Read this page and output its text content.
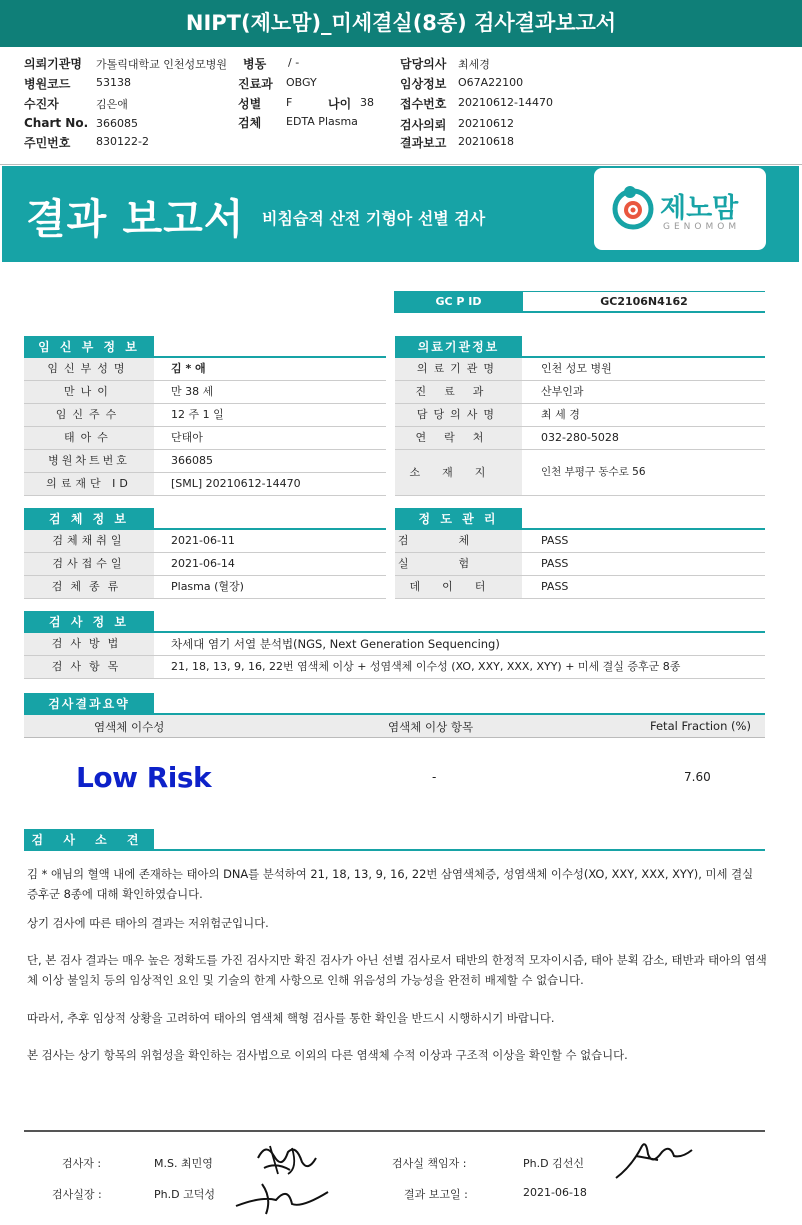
NIPT(제노맘)_미세결실(8종) 검사결과보고서
의뢰기관명 가톨릭대학교 인천성모병원 병동 / -	담당의사 최세경
병원코드 53138	진료과 OBGY	임상정보 O67A22100
수진자	김은애	성별 F	나이 38 접수번호 20210612-14470
Chart No. 366085	검체 EDTA Plasma	검사의뢰 20210612
주민번호 830122-2	결과보고 20210618
결과 보고서 비침습적 산전 기형아 선별 검사	제노맘
GENOMOM
GC P ID	GC2106N4162
임 신 부 정 보
임신부성명	김 * 애
만나이	만 38 세
임신주수	12 주 1 일
태아수	단태아
병원차트번호	366085
의료재단 ID	[SML] 20210612-14470
의료기관정보
의료기관명	인천 성모 병원
진료과	산부인과
담당의사명	최 세 경
연락처	032-280-5028
소재지	인천 부평구 동수로 56
검 체 정 보
검체채취일	2021-06-11
검사접수일	2021-06-14
검체종류	Plasma (혈장)
정 도 관 리
검체 PASS
실험 PASS
데이터	PASS
검 사 정 보
검사방법	차세대 염기 서열 분석법(NGS, Next Generation Sequencing)
검사항목	21, 18, 13, 9, 16, 22번 염색체 이상 + 성염색체 이수성 (XO, XXY, XXX, XYY) + 미세 결실 증후군 8종
검사결과요약
염색체 이수성	염색체 이상 항목	Fetal Fraction (%)
Low Risk	-	7.60
검 사 소 견
김 * 애님의 혈액 내에 존재하는 태아의 DNA를 분석하여 21, 18, 13, 9, 16, 22번 삼염색체증, 성염색체 이수성(XO, XXY, XXX, XYY), 미세 결실 증후군 8종에 대해 확인하였습니다.
상기 검사에 따른 태아의 결과는 저위험군입니다.
단, 본 검사 결과는 매우 높은 정확도를 가진 검사지만 확진 검사가 아닌 선별 검사로서 태반의 한정적 모자이시즘, 태아 분획 감소, 태반과 태아의 염색체 이상 불일치 등의 임상적인 요인 및 기술의 한계 사항으로 인해 위음성의 가능성을 완전히 배제할 수 없습니다.
따라서, 추후 임상적 상황을 고려하여 태아의 염색체 핵형 검사를 통한 확인을 반드시 시행하시기 바랍니다.
본 검사는 상기 항목의 위험성을 확인하는 검사법으로 이외의 다른 염색체 수적 이상과 구조적 이상을 확인할 수 없습니다.
검사자 :	M.S. 최민영	검사실 책임자 :	Ph.D 김선신
검사실장 :	Ph.D 고덕성	결과 보고일 :	2021-06-18
